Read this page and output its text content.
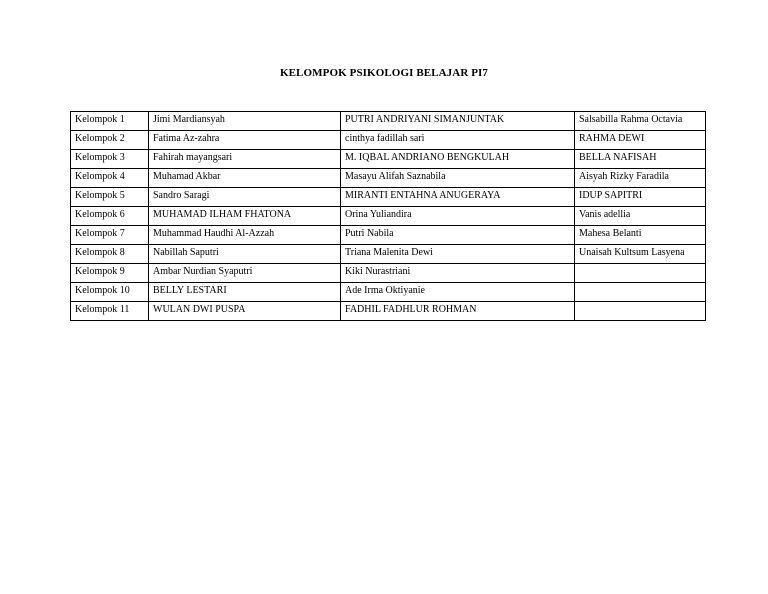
KELOMPOK PSIKOLOGI BELAJAR PI7
Kelompok 1	Jimi Mardiansyah	PUTRI ANDRIYANI SIMANJUNTAK	Salsabilla Rahma Octavia
Kelompok 2	Fatima Az-zahra	cinthya fadillah sari	RAHMA DEWI
Kelompok 3	Fahirah mayangsari	M. IQBAL ANDRIANO BENGKULAH	BELLA NAFISAH
Kelompok 4	Muhamad Akbar	Masayu Alifah Saznabila	Aisyah Rizky Faradila
Kelompok 5	Sandro Saragi	MIRANTI ENTAHNA ANUGERAYA	IDUP SAPITRI
Kelompok 6	MUHAMAD ILHAM FHATONA	Orina Yuliandira	Vanis adellia
Kelompok 7	Muhammad Haudhi Al-Azzah	Putri Nabila	Mahesa Belanti
Kelompok 8	Nabillah Saputri	Triana Malenita Dewi	Unaisah Kultsum Lasyena
Kelompok 9	Ambar Nurdian Syaputri	Kiki Nurastriani	
Kelompok 10	BELLY LESTARI	Ade Irma Oktiyanie	
Kelompok 11	WULAN DWI PUSPA	FADHIL FADHLUR ROHMAN	
